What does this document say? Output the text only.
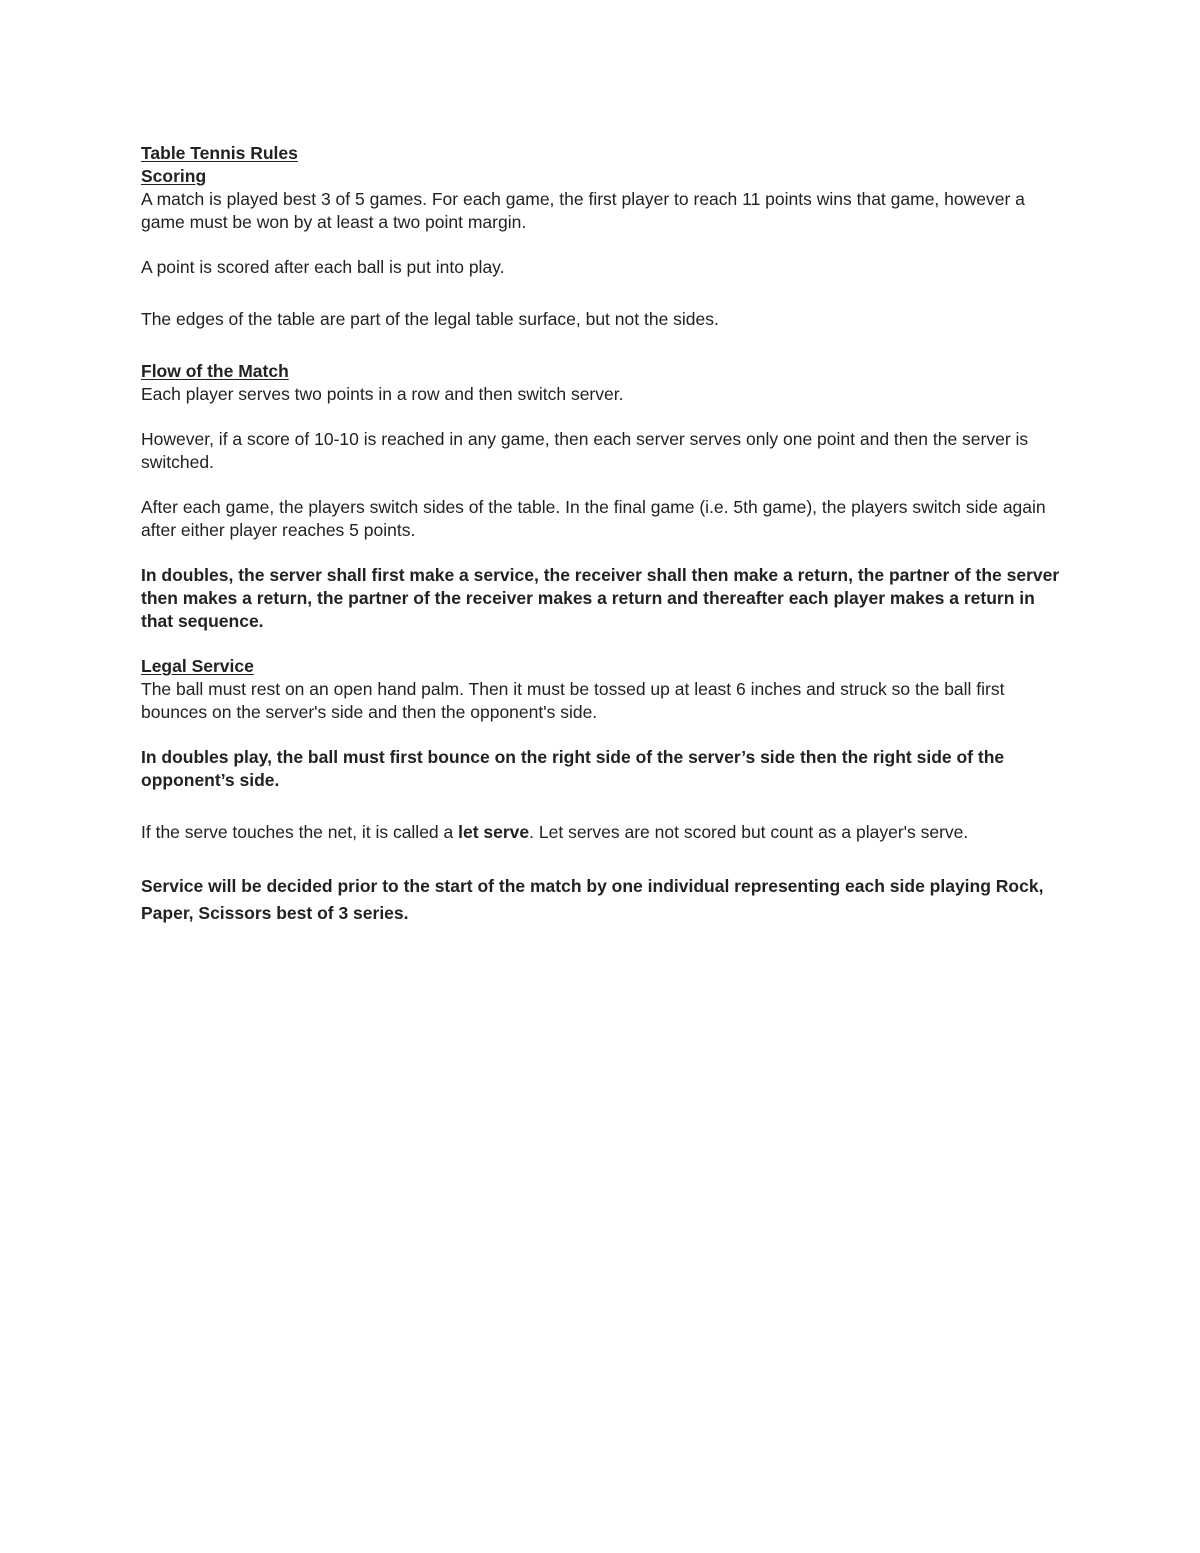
Table Tennis Rules
Scoring

A match is played best 3 of 5 games. For each game, the first player to reach 11 points wins that game, however a game must be won by at least a two point margin.

A point is scored after each ball is put into play.

The edges of the table are part of the legal table surface, but not the sides.

Flow of the Match

Each player serves two points in a row and then switch server.

However, if a score of 10-10 is reached in any game, then each server serves only one point and then the server is switched.

After each game, the players switch sides of the table. In the final game (i.e. 5th game), the players switch side again after either player reaches 5 points.

In doubles, the server shall first make a service, the receiver shall then make a return, the partner of the server then makes a return, the partner of the receiver makes a return and thereafter each player makes a return in that sequence.

Legal Service

The ball must rest on an open hand palm. Then it must be tossed up at least 6 inches and struck so the ball first bounces on the server's side and then the opponent's side.

In doubles play, the ball must first bounce on the right side of the server’s side then the right side of the opponent’s side.

If the serve touches the net, it is called a let serve. Let serves are not scored but count as a player's serve.

Service will be decided prior to the start of the match by one individual representing each side playing Rock, Paper, Scissors best of 3 series.
